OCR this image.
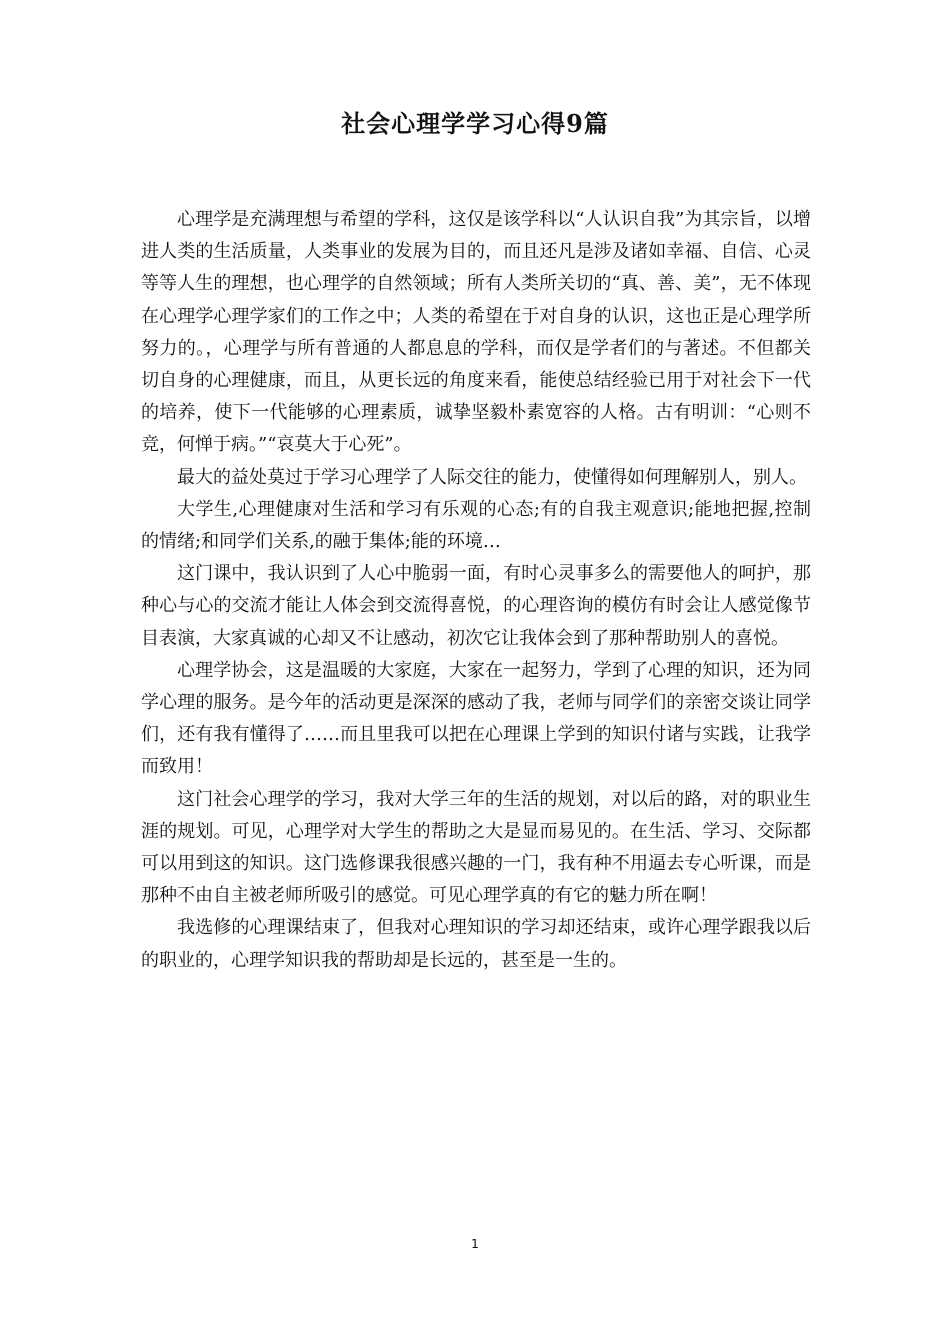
社会心理学学习心得9篇

心理学是充满理想与希望的学科，这仅是该学科以“人认识自我”为其宗旨，以增进人类的生活质量，人类事业的发展为目的，而且还凡是涉及诸如幸福、自信、心灵等等人生的理想，也心理学的自然领域；所有人类所关切的“真、善、美”，无不体现在心理学心理学家们的工作之中；人类的希望在于对自身的认识，这也正是心理学所努力的。，心理学与所有普通的人都息息的学科，而仅是学者们的与著述。不但都关切自身的心理健康，而且，从更长远的角度来看，能使总结经验已用于对社会下一代的培养，使下一代能够的心理素质，诚挚坚毅朴素宽容的人格。古有明训：“心则不竞，何惮于病。”“哀莫大于心死”。

最大的益处莫过于学习心理学了人际交往的能力，使懂得如何理解别人，别人。

大学生,心理健康对生活和学习有乐观的心态;有的自我主观意识;能地把握,控制的情绪;和同学们关系,的融于集体;能的环境…

这门课中，我认识到了人心中脆弱一面，有时心灵事多么的需要他人的呵护，那种心与心的交流才能让人体会到交流得喜悦，的心理咨询的模仿有时会让人感觉像节目表演，大家真诚的心却又不让感动，初次它让我体会到了那种帮助别人的喜悦。

心理学协会，这是温暖的大家庭，大家在一起努力，学到了心理的知识，还为同学心理的服务。是今年的活动更是深深的感动了我，老师与同学们的亲密交谈让同学们，还有我有懂得了……而且里我可以把在心理课上学到的知识付诸与实践，让我学而致用！

这门社会心理学的学习，我对大学三年的生活的规划，对以后的路，对的职业生涯的规划。可见，心理学对大学生的帮助之大是显而易见的。在生活、学习、交际都可以用到这的知识。这门选修课我很感兴趣的一门，我有种不用逼去专心听课，而是那种不由自主被老师所吸引的感觉。可见心理学真的有它的魅力所在啊！

我选修的心理课结束了，但我对心理知识的学习却还结束，或许心理学跟我以后的职业的，心理学知识我的帮助却是长远的，甚至是一生的。

1
